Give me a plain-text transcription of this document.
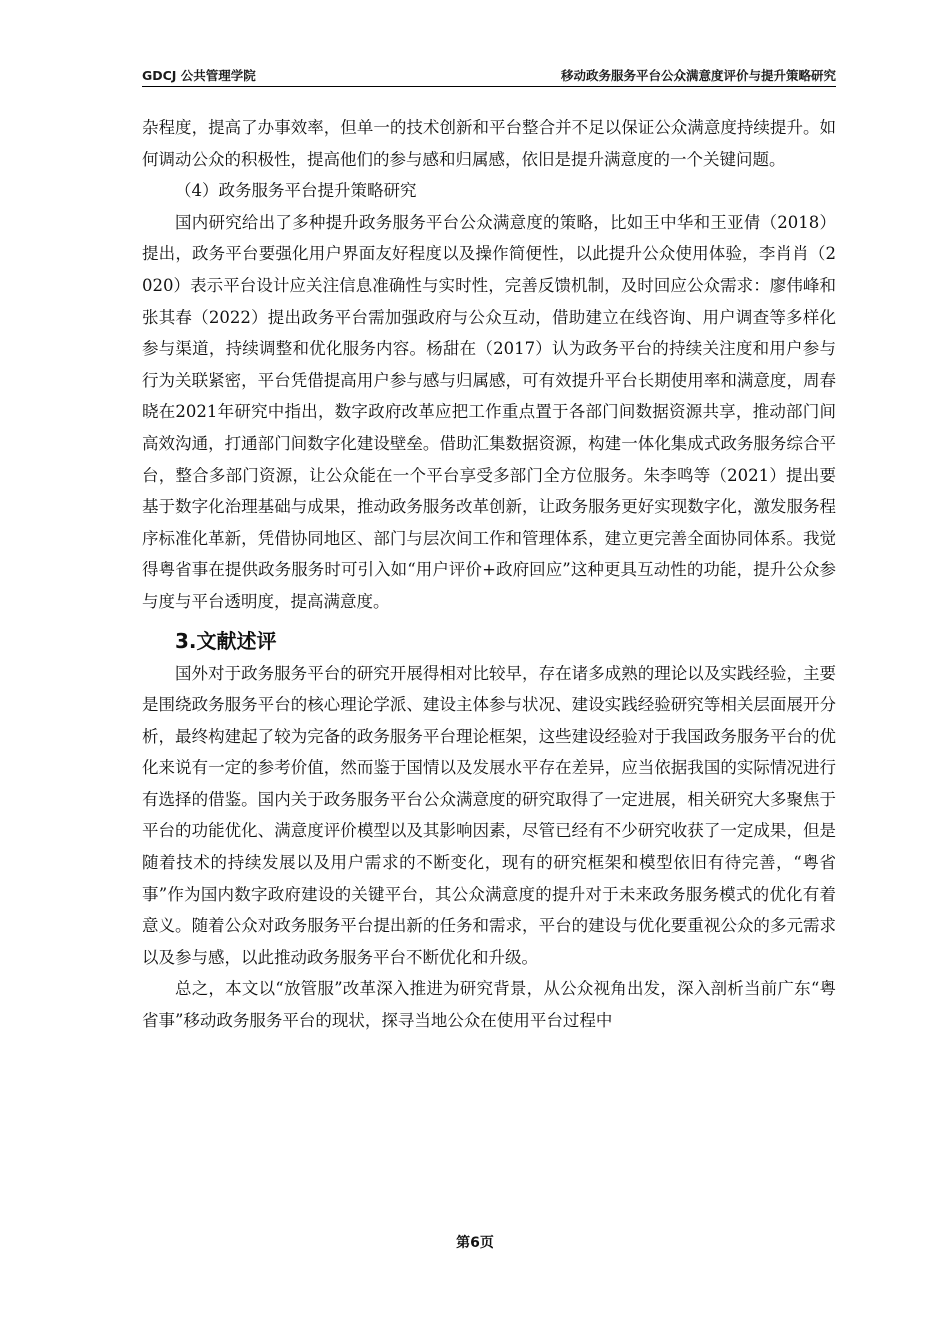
GDCJ 公共管理学院	移动政务服务平台公众满意度评价与提升策略研究

杂程度，提高了办事效率，但单一的技术创新和平台整合并不足以保证公众满意度持续提升。如何调动公众的积极性，提高他们的参与感和归属感，依旧是提升满意度的一个关键问题。

（4）政务服务平台提升策略研究

国内研究给出了多种提升政务服务平台公众满意度的策略，比如王中华和王亚倩（2018）提出，政务平台要强化用户界面友好程度以及操作简便性，以此提升公众使用体验，李肖肖（2020）表示平台设计应关注信息准确性与实时性，完善反馈机制，及时回应公众需求：廖伟峰和张其春（2022）提出政务平台需加强政府与公众互动，借助建立在线咨询、用户调查等多样化参与渠道，持续调整和优化服务内容。杨甜在（2017）认为政务平台的持续关注度和用户参与行为关联紧密，平台凭借提高用户参与感与归属感，可有效提升平台长期使用率和满意度，周春晓在2021年研究中指出，数字政府改革应把工作重点置于各部门间数据资源共享，推动部门间高效沟通，打通部门间数字化建设壁垒。借助汇集数据资源，构建一体化集成式政务服务综合平台，整合多部门资源，让公众能在一个平台享受多部门全方位服务。朱李鸣等（2021）提出要基于数字化治理基础与成果，推动政务服务改革创新，让政务服务更好实现数字化，激发服务程序标准化革新，凭借协同地区、部门与层次间工作和管理体系，建立更完善全面协同体系。我觉得粤省事在提供政务服务时可引入如“用户评价+政府回应”这种更具互动性的功能，提升公众参与度与平台透明度，提高满意度。

3.文献述评

国外对于政务服务平台的研究开展得相对比较早，存在诸多成熟的理论以及实践经验，主要是围绕政务服务平台的核心理论学派、建设主体参与状况、建设实践经验研究等相关层面展开分析，最终构建起了较为完备的政务服务平台理论框架，这些建设经验对于我国政务服务平台的优化来说有一定的参考价值，然而鉴于国情以及发展水平存在差异，应当依据我国的实际情况进行有选择的借鉴。国内关于政务服务平台公众满意度的研究取得了一定进展，相关研究大多聚焦于平台的功能优化、满意度评价模型以及其影响因素，尽管已经有不少研究收获了一定成果，但是随着技术的持续发展以及用户需求的不断变化，现有的研究框架和模型依旧有待完善，“粤省事”作为国内数字政府建设的关键平台，其公众满意度的提升对于未来政务服务模式的优化有着意义。随着公众对政务服务平台提出新的任务和需求，平台的建设与优化要重视公众的多元需求以及参与感，以此推动政务服务平台不断优化和升级。

总之，本文以“放管服”改革深入推进为研究背景，从公众视角出发，深入剖析当前广东“粤省事”移动政务服务平台的现状，探寻当地公众在使用平台过程中

第6页
